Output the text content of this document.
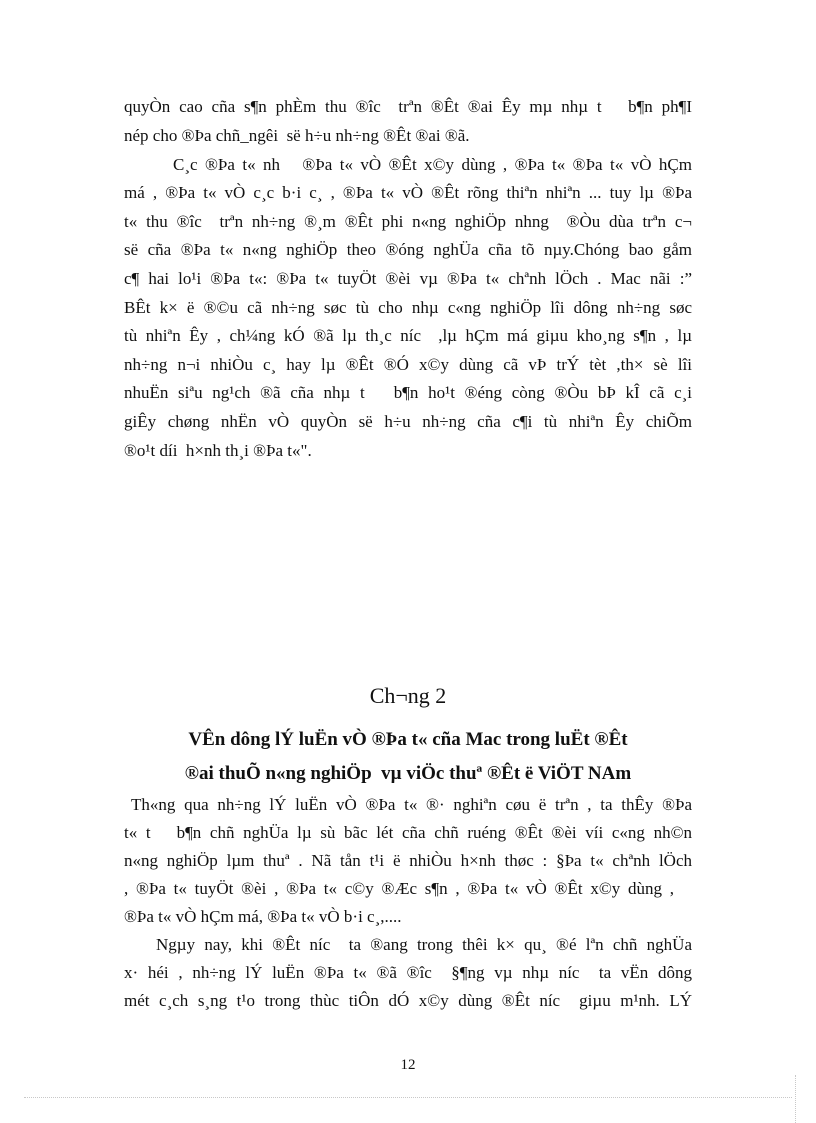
quyÒn cao cña s¶n phÈm thu ®îc  trªn ®Êt ®ai Êy mµ nhµ t   b¶n ph¶I
nép cho ®Þa chñ_ngêi  së h÷u nh÷ng ®Êt ®ai ®ã.
C¸c ®Þa t« nh   ®Þa t« vÒ ®Êt x©y dùng , ®Þa t« ®Þa t« vÒ hÇm
má , ®Þa t« vÒ c¸c b·i c¸ , ®Þa t« vÒ ®Êt rõng thiªn nhiªn ... tuy lµ ®Þa
t« thu ®îc  trªn nh÷ng ®¸m ®Êt phi n«ng nghiÖp nhng  ®Òu dùa trªn c¬
së cña ®Þa t« n«ng nghiÖp theo ®óng nghÜa cña tõ nµy.Chóng bao gåm
c¶ hai lo¹i ®Þa t«: ®Þa t« tuyÖt ®èi vµ ®Þa t« chªnh lÖch . Mac nãi :”
BÊt k× ë ®©u cã nh÷ng søc tù cho nhµ c«ng nghiÖp lîi dông nh÷ng søc
tù nhiªn Êy , ch¼ng kÓ ®ã lµ th¸c níc  ,lµ hÇm má giµu kho¸ng s¶n , lµ
nh÷ng n¬i nhiÒu c¸ hay lµ ®Êt ®Ó x©y dùng cã vÞ trÝ tèt ,th× sè lîi
nhuËn siªu ng¹ch ®ã cña nhµ t   b¶n ho¹t ®éng còng ®Òu bÞ kÎ cã c¸i
giÊy chøng nhËn vÒ quyÒn së h÷u nh÷ng cña c¶i tù nhiªn Êy chiÕm
®o¹t díi  h×nh th¸i ®Þa t«".
Ch¬ng 2
VÊn dông lÝ luËn vÒ ®Þa t« cña Mac trong luËt ®Êt
®ai thuÕ n«ng nghiÖp  vµ viÖc thuª ®Êt ë ViÖT NAm
Th«ng qua nh÷ng lÝ luËn vÒ ®Þa t« ®· nghiªn cøu ë trªn , ta thÊy ®Þa
t« t   b¶n chñ nghÜa lµ sù bãc lét cña chñ ruéng ®Êt ®èi víi c«ng nh©n
n«ng nghiÖp lµm thuª . Nã tån t¹i ë nhiÒu h×nh thøc : §Þa t« chªnh lÖch
, ®Þa t« tuyÖt ®èi , ®Þa t« c©y ®Æc s¶n , ®Þa t« vÒ ®Êt x©y dùng ,
®Þa t« vÒ hÇm má, ®Þa t« vÒ b·i c¸,....
Ngµy nay, khi ®Êt níc  ta ®ang trong thêi k× qu¸ ®é lªn chñ nghÜa
x· héi , nh÷ng lÝ luËn ®Þa t« ®ã ®îc  §¶ng vµ nhµ níc  ta vËn dông
mét c¸ch s¸ng t¹o trong thùc tiÔn dÓ x©y dùng ®Êt níc  giµu m¹nh. LÝ
12
